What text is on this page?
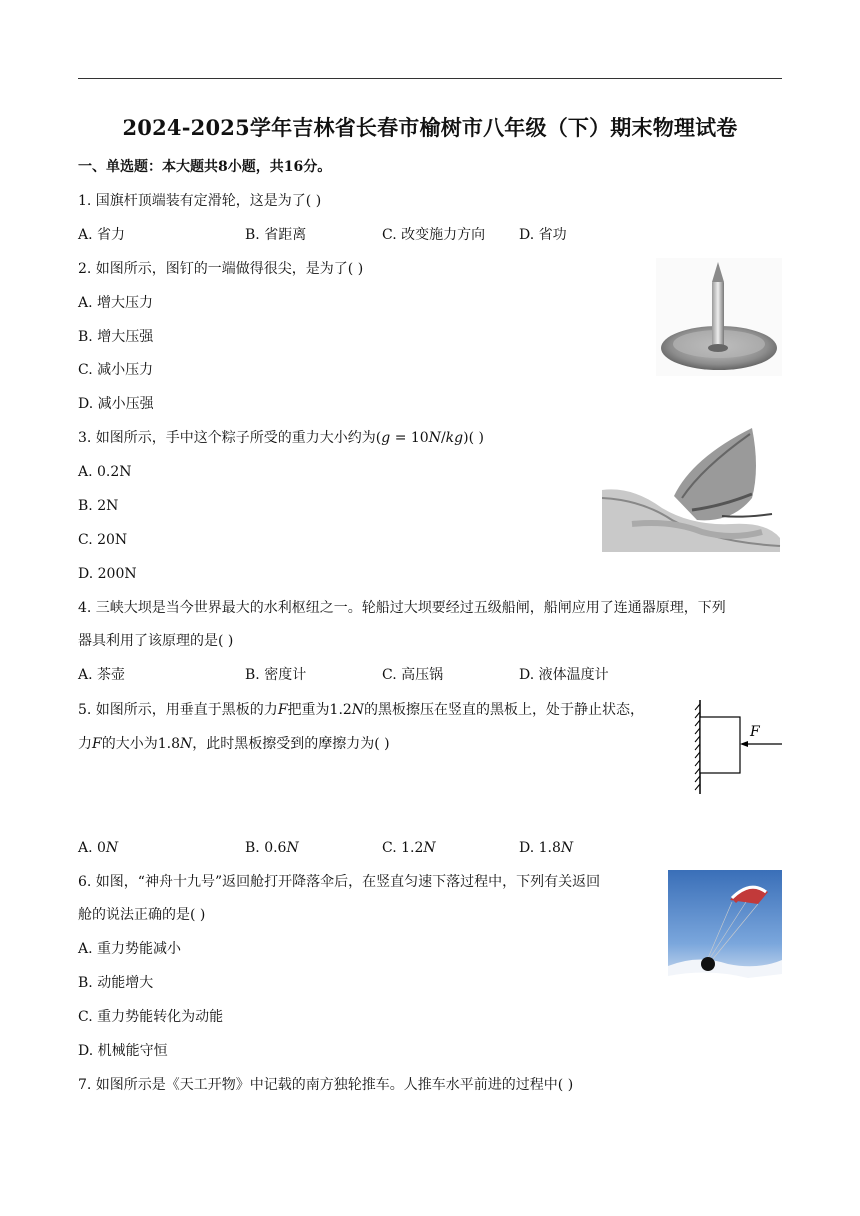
2024-2025学年吉林省长春市榆树市八年级（下）期末物理试卷
一、单选题：本大题共8小题，共16分。
1. 国旗杆顶端装有定滑轮，这是为了( )
A. 省力	B. 省距离	C. 改变施力方向 D. 省功
2. 如图所示，图钉的一端做得很尖，是为了( )
A. 增大压力
B. 增大压强
C. 减小压力
D. 减小压强
3. 如图所示，手中这个粽子所受的重力大小约为(g = 10N/kg)( )
A. 0.2N
B. 2N
C. 20N
D. 200N
4. 三峡大坝是当今世界最大的水利枢纽之一。轮船过大坝要经过五级船闸，船闸应用了连通器原理，下列
器具利用了该原理的是( )
A. 茶壶	B. 密度计	C. 高压锅	D. 液体温度计
5. 如图所示，用垂直于黑板的力F把重为1.2N的黑板擦压在竖直的黑板上，处于静止状态，
力F的大小为1.8N，此时黑板擦受到的摩擦力为( )
A. 0N	B. 0.6N	C. 1.2N	D. 1.8N
F
6. 如图，“神舟十九号”返回舱打开降落伞后，在竖直匀速下落过程中，下列有关返回
舱的说法正确的是( )
A. 重力势能减小
B. 动能增大
C. 重力势能转化为动能
D. 机械能守恒
7. 如图所示是《天工开物》中记载的南方独轮推车。人推车水平前进的过程中( )
